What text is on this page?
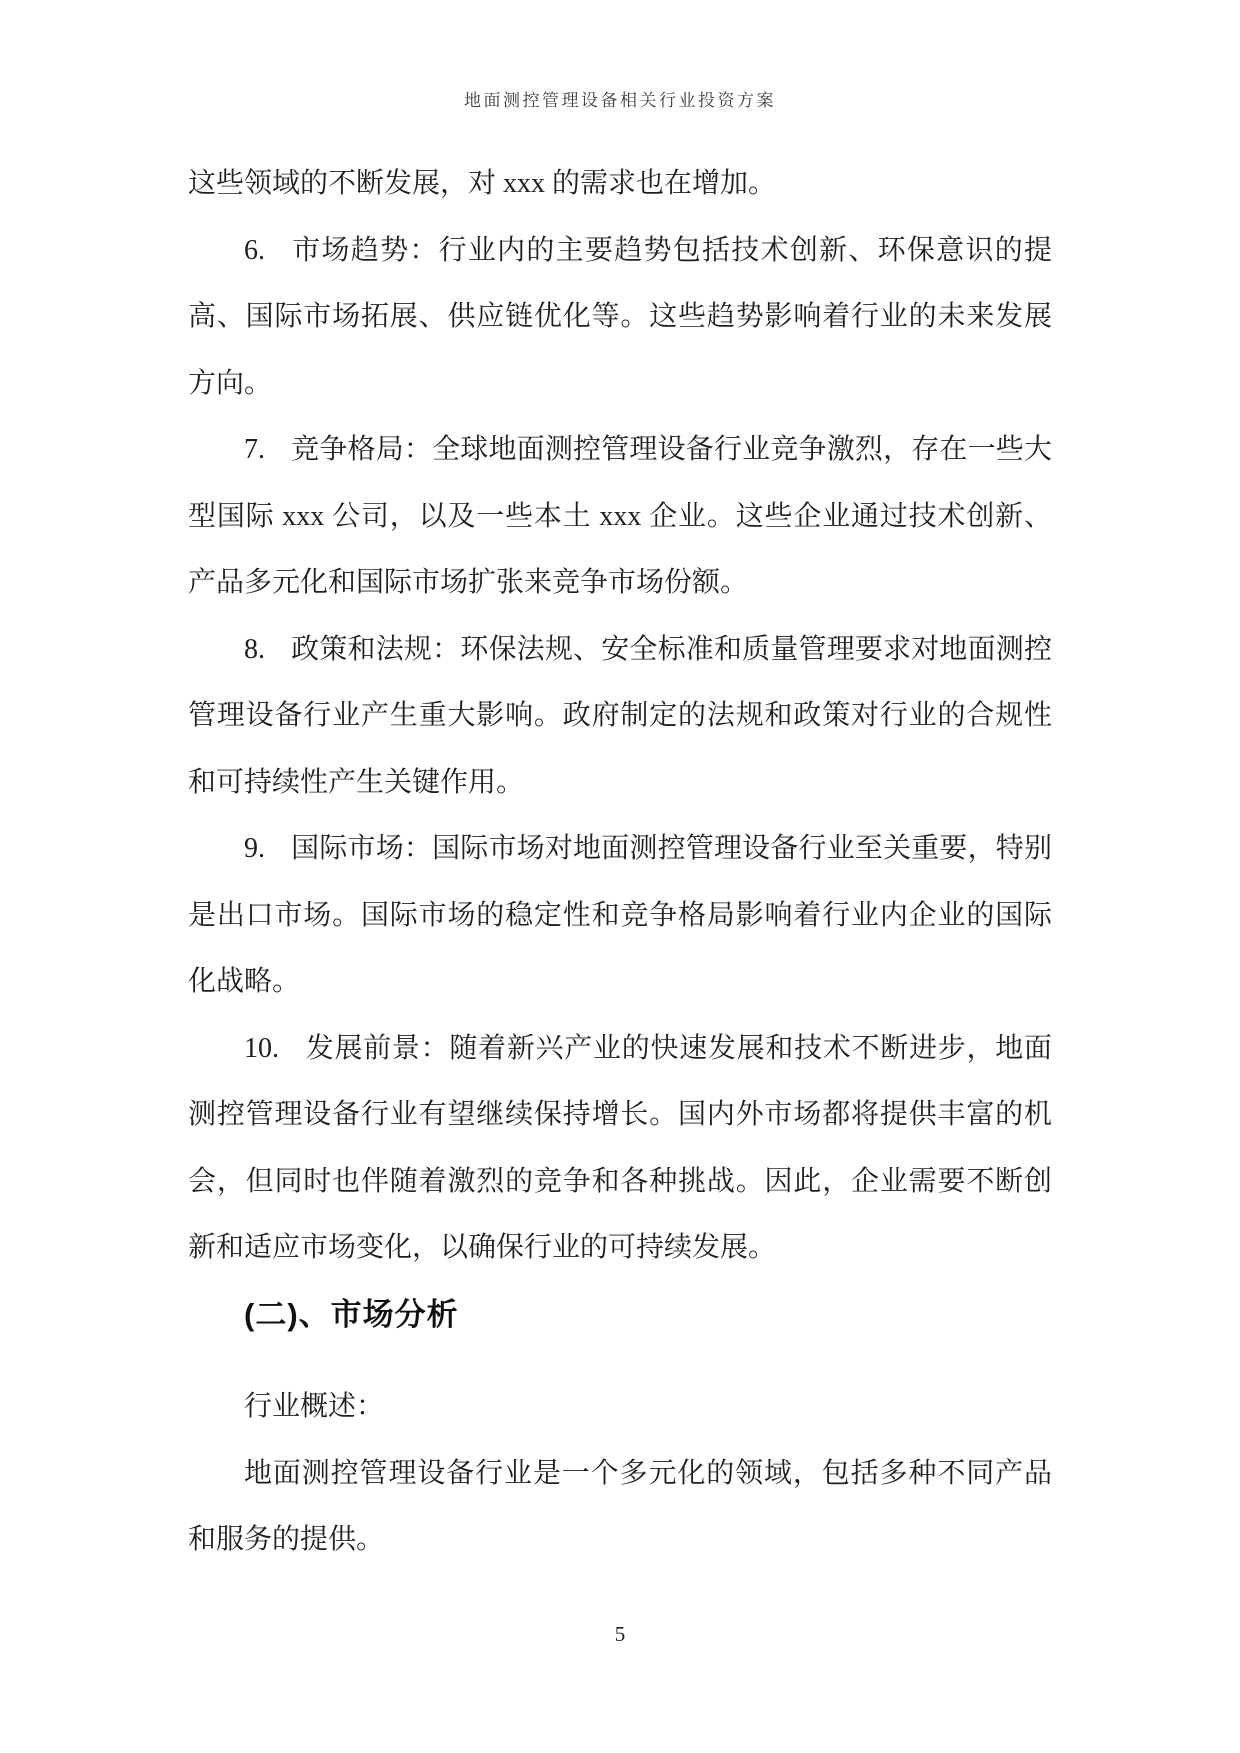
地面测控管理设备相关行业投资方案

这些领域的不断发展，对 xxx 的需求也在增加。

6. 市场趋势：行业内的主要趋势包括技术创新、环保意识的提高、国际市场拓展、供应链优化等。这些趋势影响着行业的未来发展方向。

7. 竞争格局：全球地面测控管理设备行业竞争激烈，存在一些大型国际 xxx 公司，以及一些本土 xxx 企业。这些企业通过技术创新、产品多元化和国际市场扩张来竞争市场份额。

8. 政策和法规：环保法规、安全标准和质量管理要求对地面测控管理设备行业产生重大影响。政府制定的法规和政策对行业的合规性和可持续性产生关键作用。

9. 国际市场：国际市场对地面测控管理设备行业至关重要，特别是出口市场。国际市场的稳定性和竞争格局影响着行业内企业的国际化战略。

10. 发展前景：随着新兴产业的快速发展和技术不断进步，地面测控管理设备行业有望继续保持增长。国内外市场都将提供丰富的机会，但同时也伴随着激烈的竞争和各种挑战。因此，企业需要不断创新和适应市场变化，以确保行业的可持续发展。

(二)、市场分析

行业概述：

地面测控管理设备行业是一个多元化的领域，包括多种不同产品和服务的提供。

5
